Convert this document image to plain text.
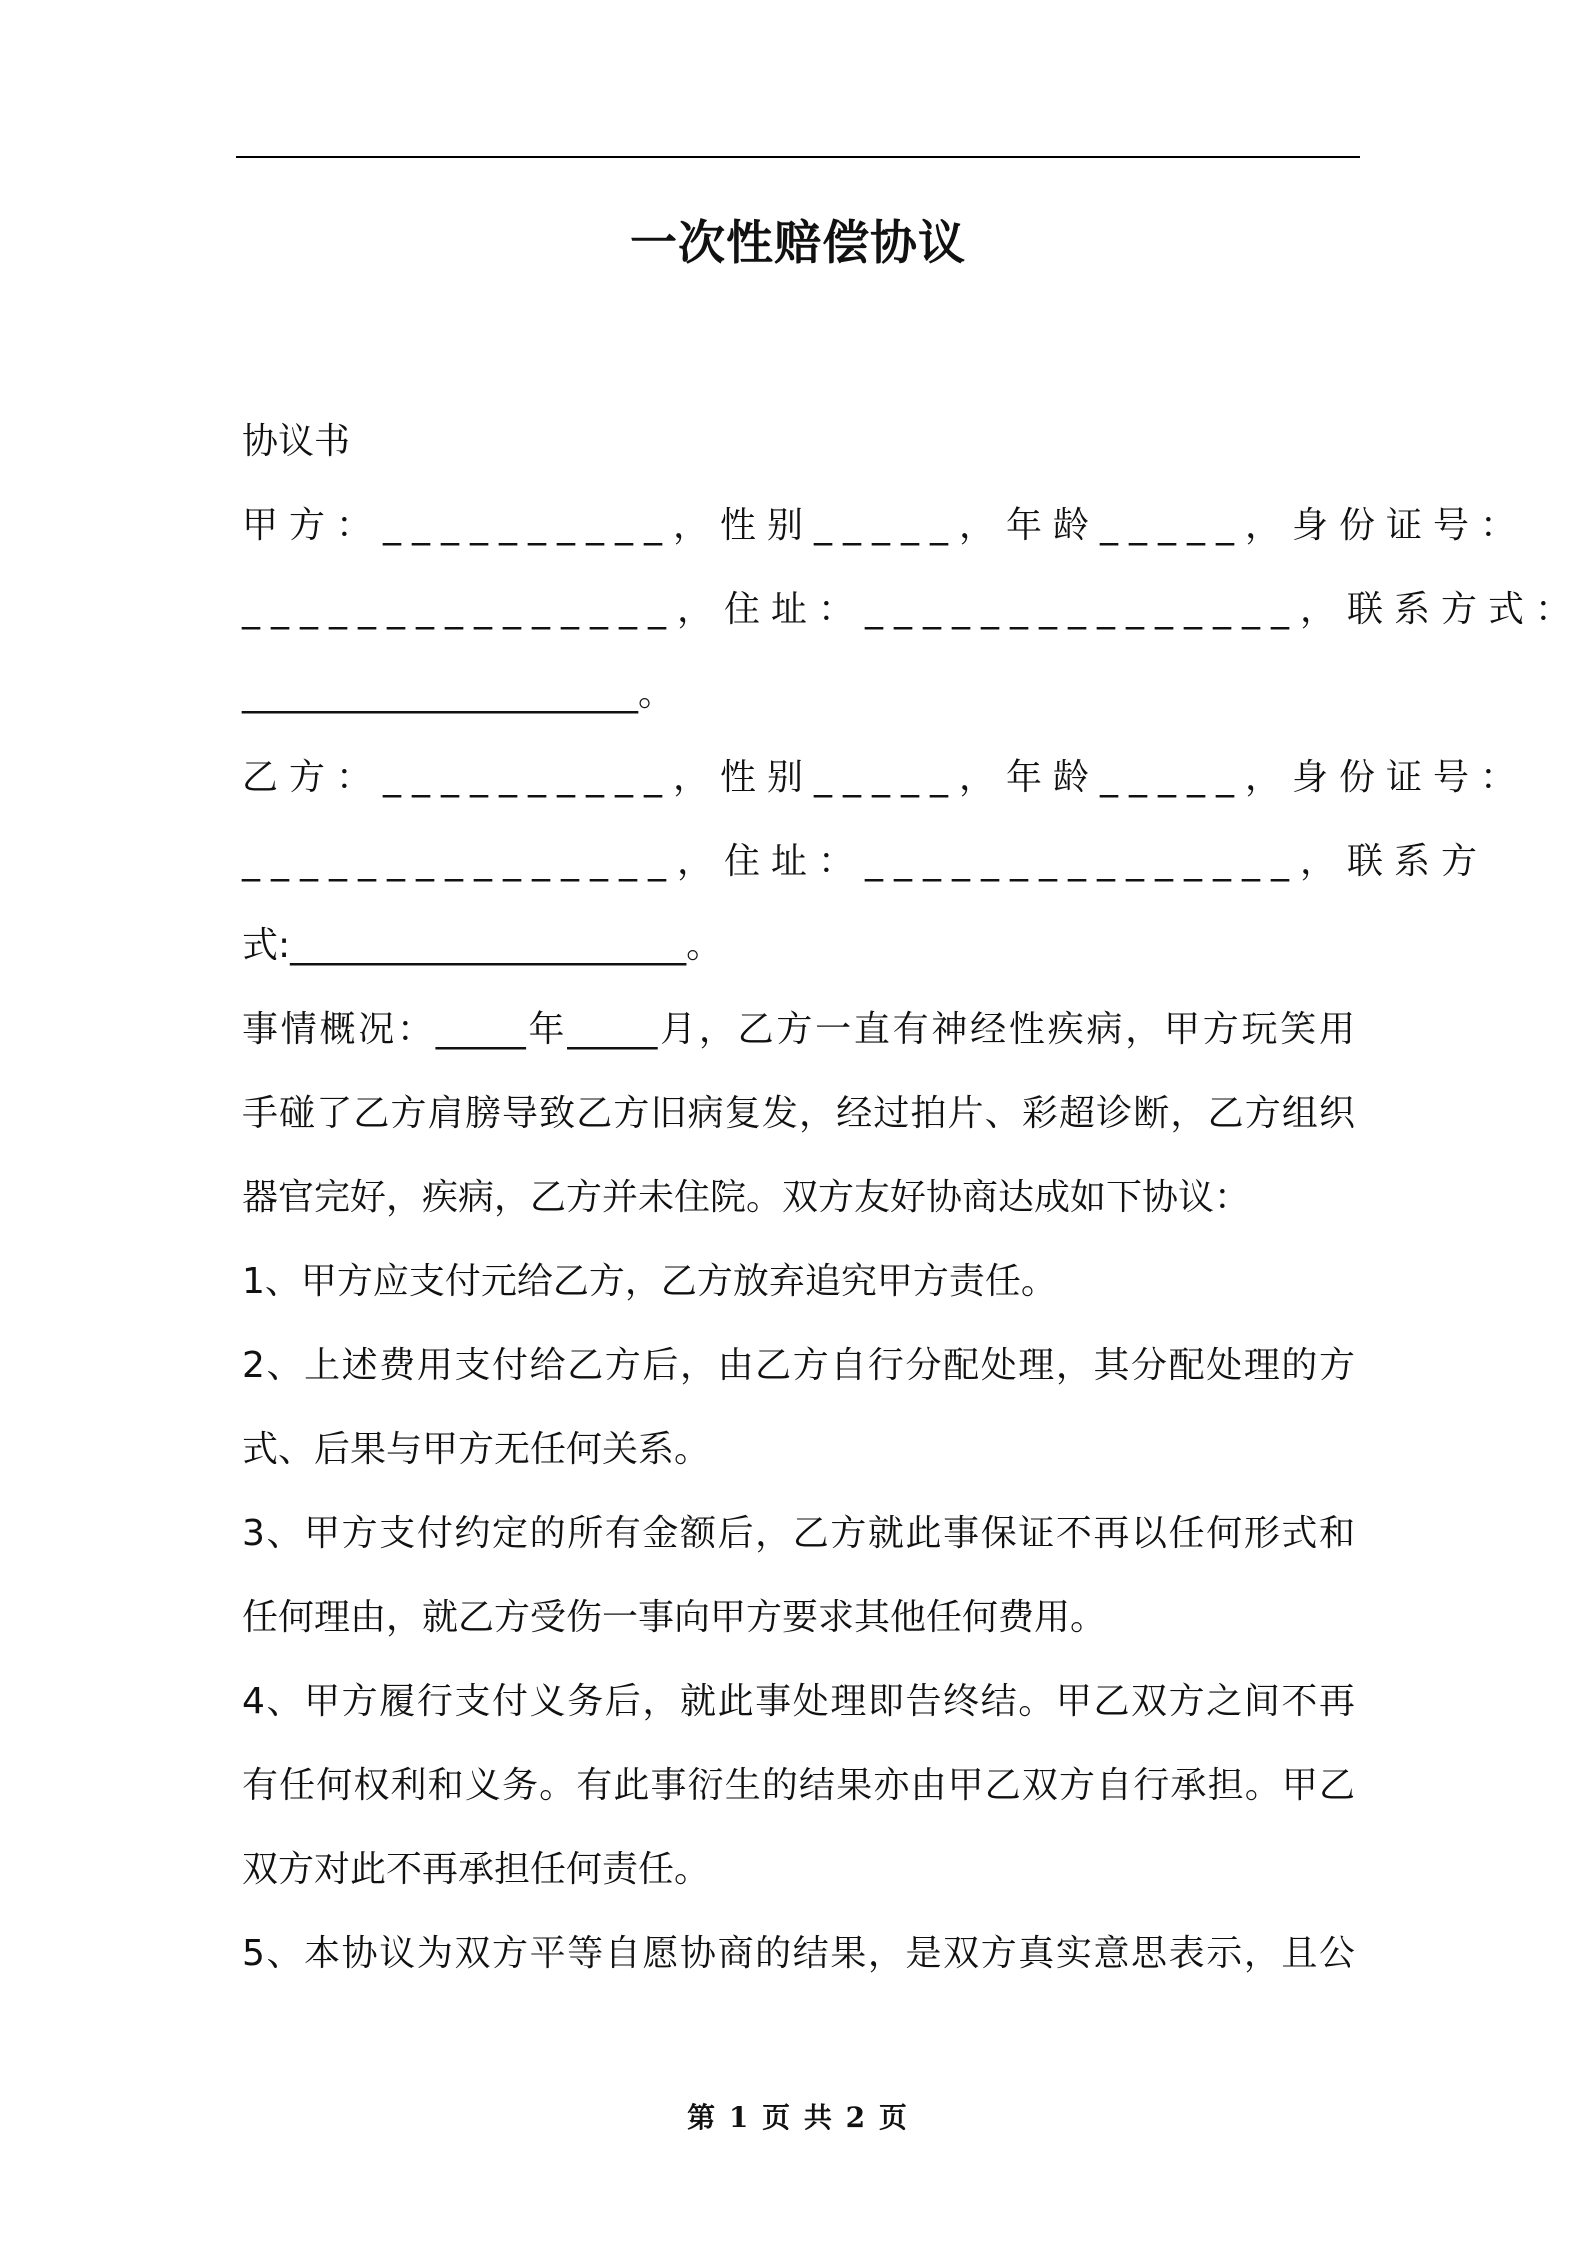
一次性赔偿协议
协议书
甲方：__________，性别_____，年龄_____，身份证号：
_______________，住址：_______________，联系方式：
______________________。
乙方：__________，性别_____，年龄_____，身份证号：
_______________，住址：_______________，联系方
式:______________________。
事情概况：_____年_____月，乙方一直有神经性疾病，甲方玩笑用
手碰了乙方肩膀导致乙方旧病复发，经过拍片、彩超诊断，乙方组织
器官完好，疾病，乙方并未住院。双方友好协商达成如下协议：
1、甲方应支付元给乙方，乙方放弃追究甲方责任。
2、上述费用支付给乙方后，由乙方自行分配处理，其分配处理的方
式、后果与甲方无任何关系。
3、甲方支付约定的所有金额后，乙方就此事保证不再以任何形式和
任何理由，就乙方受伤一事向甲方要求其他任何费用。
4、甲方履行支付义务后，就此事处理即告终结。甲乙双方之间不再
有任何权利和义务。有此事衍生的结果亦由甲乙双方自行承担。甲乙
双方对此不再承担任何责任。
5、本协议为双方平等自愿协商的结果，是双方真实意思表示，且公
第 1 页 共 2 页
